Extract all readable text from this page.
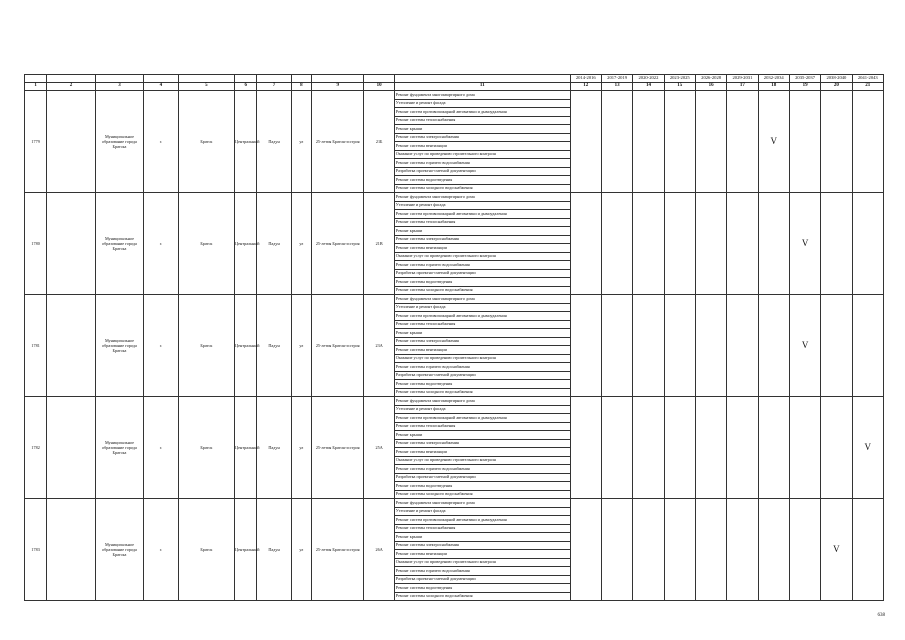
											2014-2016	2017-2019	2020-2022	2023-2025	2026-2028	2029-2031	2032-2034	2035-2037	2038-2040	2041-2043
1	2	3	4	5	6	7	8	9	10	11	12	13	14	15	16	17	18	19	20	21
1779		Муниципальное образование города Братска	г.	Братск	Центральный	Падун	ул	25-летия Братскгэсстроя	21Б	Ремонт фундамента многоквартирного дома							V			
										Утепление и ремонт фасада										
										Ремонт систем противопожарной автоматики и дымоудаления										
										Ремонт системы теплоснабжения										
										Ремонт крыши										
										Ремонт системы электроснабжения										
										Ремонт системы вентиляции										
										Оказание услуг по проведению строительного контроля										
										Ремонт системы горячего водоснабжения										
										Разработка проектно-сметной документации										
										Ремонт системы водоотведения										
										Ремонт системы холодного водоснабжения										
1780		Муниципальное образование города Братска	г.	Братск	Центральный	Падун	ул	25-летия Братскгэсстроя	21В	Ремонт фундамента многоквартирного дома								V		
										Утепление и ремонт фасада										
										Ремонт систем противопожарной автоматики и дымоудаления										
										Ремонт системы теплоснабжения										
										Ремонт крыши										
										Ремонт системы электроснабжения										
										Ремонт системы вентиляции										
										Оказание услуг по проведению строительного контроля										
										Ремонт системы горячего водоснабжения										
										Разработка проектно-сметной документации										
										Ремонт системы водоотведения										
										Ремонт системы холодного водоснабжения										
1781		Муниципальное образование города Братска	г.	Братск	Центральный	Падун	ул	25-летия Братскгэсстроя	23А	Ремонт фундамента многоквартирного дома								V		
										Утепление и ремонт фасада										
										Ремонт систем противопожарной автоматики и дымоудаления										
										Ремонт системы теплоснабжения										
										Ремонт крыши										
										Ремонт системы электроснабжения										
										Ремонт системы вентиляции										
										Оказание услуг по проведению строительного контроля										
										Ремонт системы горячего водоснабжения										
										Разработка проектно-сметной документации										
										Ремонт системы водоотведения										
										Ремонт системы холодного водоснабжения										
1782		Муниципальное образование города Братска	г.	Братск	Центральный	Падун	ул	25-летия Братскгэсстроя	25А	Ремонт фундамента многоквартирного дома										V
										Утепление и ремонт фасада										
										Ремонт систем противопожарной автоматики и дымоудаления										
										Ремонт системы теплоснабжения										
										Ремонт крыши										
										Ремонт системы электроснабжения										
										Ремонт системы вентиляции										
										Оказание услуг по проведению строительного контроля										
										Ремонт системы горячего водоснабжения										
										Разработка проектно-сметной документации										
										Ремонт системы водоотведения										
										Ремонт системы холодного водоснабжения										
1783		Муниципальное образование города Братска	г.	Братск	Центральный	Падун	ул	25-летия Братскгэсстроя	26А	Ремонт фундамента многоквартирного дома									V	
										Утепление и ремонт фасада										
										Ремонт систем противопожарной автоматики и дымоудаления										
										Ремонт системы теплоснабжения										
										Ремонт крыши										
										Ремонт системы электроснабжения										
										Ремонт системы вентиляции										
										Оказание услуг по проведению строительного контроля										
										Ремонт системы горячего водоснабжения										
										Разработка проектно-сметной документации										
										Ремонт системы водоотведения										
										Ремонт системы холодного водоснабжения										
638
